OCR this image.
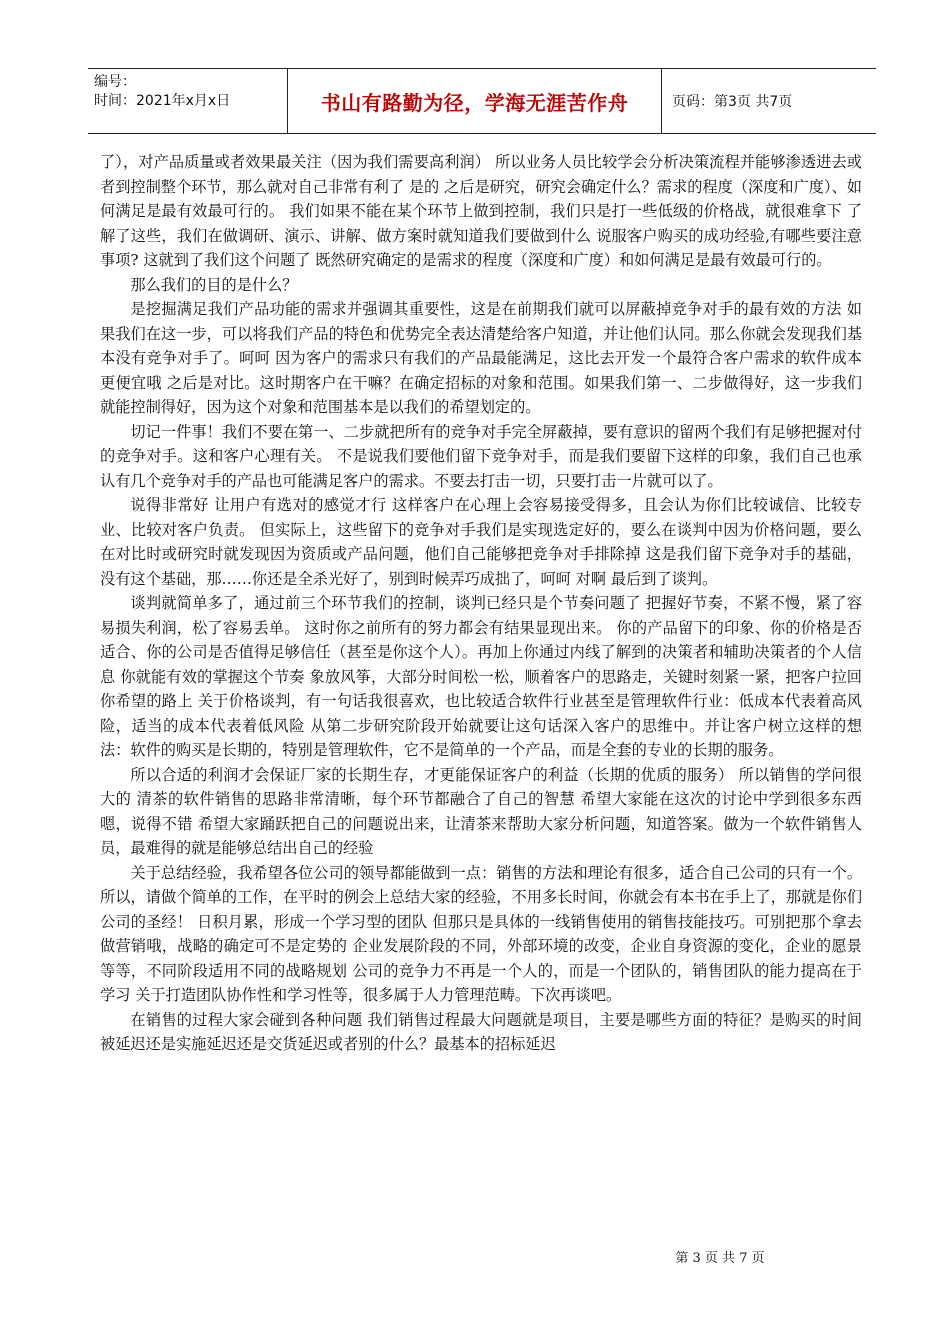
编号：
时间：2021年x月x日	书山有路勤为径，学海无涯苦作舟	页码：第3页 共7页

了），对产品质量或者效果最关注（因为我们需要高利润） 所以业务人员比较学会分析决策流程并能够渗透进去或者到控制整个环节，那么就对自己非常有利了 是的 之后是研究，研究会确定什么？需求的程度（深度和广度）、如何满足是最有效最可行的。 我们如果不能在某个环节上做到控制，我们只是打一些低级的价格战，就很难拿下 了解了这些，我们在做调研、演示、讲解、做方案时就知道我们要做到什么 说服客户购买的成功经验,有哪些要注意事项? 这就到了我们这个问题了 既然研究确定的是需求的程度（深度和广度）和如何满足是最有效最可行的。

那么我们的目的是什么？

是挖掘满足我们产品功能的需求并强调其重要性，这是在前期我们就可以屏蔽掉竞争对手的最有效的方法 如果我们在这一步，可以将我们产品的特色和优势完全表达清楚给客户知道，并让他们认同。那么你就会发现我们基本没有竞争对手了。呵呵 因为客户的需求只有我们的产品最能满足，这比去开发一个最符合客户需求的软件成本更便宜哦 之后是对比。这时期客户在干嘛？在确定招标的对象和范围。如果我们第一、二步做得好，这一步我们就能控制得好，因为这个对象和范围基本是以我们的希望划定的。

切记一件事！我们不要在第一、二步就把所有的竞争对手完全屏蔽掉，要有意识的留两个我们有足够把握对付的竞争对手。这和客户心理有关。 不是说我们要他们留下竞争对手，而是我们要留下这样的印象，我们自己也承认有几个竞争对手的产品也可能满足客户的需求。不要去打击一切，只要打击一片就可以了。

说得非常好 让用户有选对的感觉才行 这样客户在心理上会容易接受得多，且会认为你们比较诚信、比较专业、比较对客户负责。 但实际上，这些留下的竞争对手我们是实现选定好的，要么在谈判中因为价格问题，要么在对比时或研究时就发现因为资质或产品问题，他们自己能够把竞争对手排除掉 这是我们留下竞争对手的基础，没有这个基础，那……你还是全杀光好了，别到时候弄巧成拙了，呵呵 对啊 最后到了谈判。

谈判就简单多了，通过前三个环节我们的控制，谈判已经只是个节奏问题了 把握好节奏，不紧不慢，紧了容易损失利润，松了容易丢单。 这时你之前所有的努力都会有结果显现出来。 你的产品留下的印象、你的价格是否适合、你的公司是否值得足够信任（甚至是你这个人）。再加上你通过内线了解到的决策者和辅助决策者的个人信息 你就能有效的掌握这个节奏 象放风筝，大部分时间松一松，顺着客户的思路走，关键时刻紧一紧，把客户拉回你希望的路上 关于价格谈判，有一句话我很喜欢，也比较适合软件行业甚至是管理软件行业：低成本代表着高风险，适当的成本代表着低风险 从第二步研究阶段开始就要让这句话深入客户的思维中。并让客户树立这样的想法：软件的购买是长期的，特别是管理软件，它不是简单的一个产品，而是全套的专业的长期的服务。

所以合适的利润才会保证厂家的长期生存，才更能保证客户的利益（长期的优质的服务） 所以销售的学问很大的 清茶的软件销售的思路非常清晰，每个环节都融合了自己的智慧 希望大家能在这次的讨论中学到很多东西 嗯，说得不错 希望大家踊跃把自己的问题说出来，让清茶来帮助大家分析问题，知道答案。做为一个软件销售人员，最难得的就是能够总结出自己的经验

关于总结经验，我希望各位公司的领导都能做到一点：销售的方法和理论有很多，适合自己公司的只有一个。所以，请做个简单的工作，在平时的例会上总结大家的经验，不用多长时间，你就会有本书在手上了，那就是你们公司的圣经！ 日积月累，形成一个学习型的团队 但那只是具体的一线销售使用的销售技能技巧。可别把那个拿去做营销哦，战略的确定可不是定势的 企业发展阶段的不同，外部环境的改变，企业自身资源的变化，企业的愿景等等，不同阶段适用不同的战略规划 公司的竞争力不再是一个人的，而是一个团队的，销售团队的能力提高在于学习 关于打造团队协作性和学习性等，很多属于人力管理范畴。下次再谈吧。

在销售的过程大家会碰到各种问题 我们销售过程最大问题就是项目，主要是哪些方面的特征？是购买的时间被延迟还是实施延迟还是交货延迟或者别的什么？最基本的招标延迟

第 3 页 共 7 页
